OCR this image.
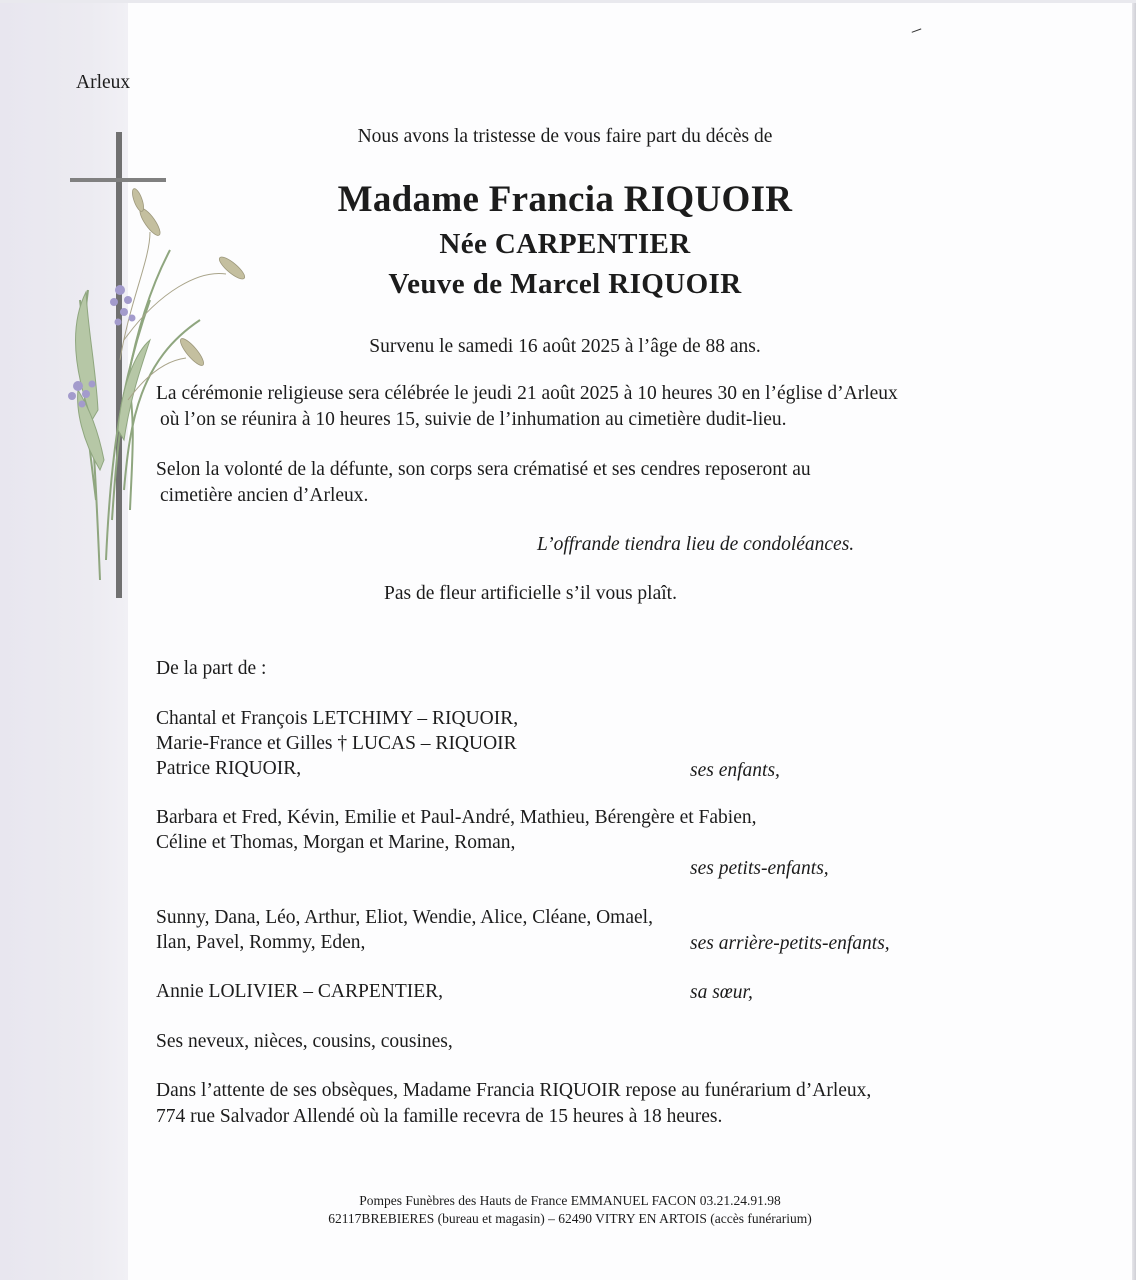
Arleux

Nous avons la tristesse de vous faire part du décès de

Madame Francia RIQUOIR
Née CARPENTIER
Veuve de Marcel RIQUOIR

Survenu le samedi 16 août 2025 à l’âge de 88 ans.

La cérémonie religieuse sera célébrée le jeudi 21 août 2025 à 10 heures 30 en l’église d’Arleux

où l’on se réunira à 10 heures 15, suivie de l’inhumation au cimetière dudit-lieu.

Selon la volonté de la défunte, son corps sera crématisé et ses cendres reposeront au

cimetière ancien d’Arleux.

L’offrande tiendra lieu de condoléances.

Pas de fleur artificielle s’il vous plaît.

De la part de :

Chantal et François LETCHIMY – RIQUOIR,

Marie-France et Gilles † LUCAS – RIQUOIR

Patrice RIQUOIR,	ses enfants,

Barbara et Fred, Kévin, Emilie et Paul-André, Mathieu, Bérengère et Fabien,

Céline et Thomas, Morgan et Marine, Roman,

ses petits-enfants,

Sunny, Dana, Léo, Arthur, Eliot, Wendie, Alice, Cléane, Omael,

Ilan, Pavel, Rommy, Eden,	ses arrière-petits-enfants,

Annie LOLIVIER – CARPENTIER,	sa sœur,

Ses neveux, nièces, cousins, cousines,

Dans l’attente de ses obsèques, Madame Francia RIQUOIR repose au funérarium d’Arleux,

774 rue Salvador Allendé où la famille recevra de 15 heures à 18 heures.

Pompes Funèbres des Hauts de France EMMANUEL FACON 03.21.24.91.98

62117BREBIERES (bureau et magasin) – 62490 VITRY EN ARTOIS (accès funérarium)
